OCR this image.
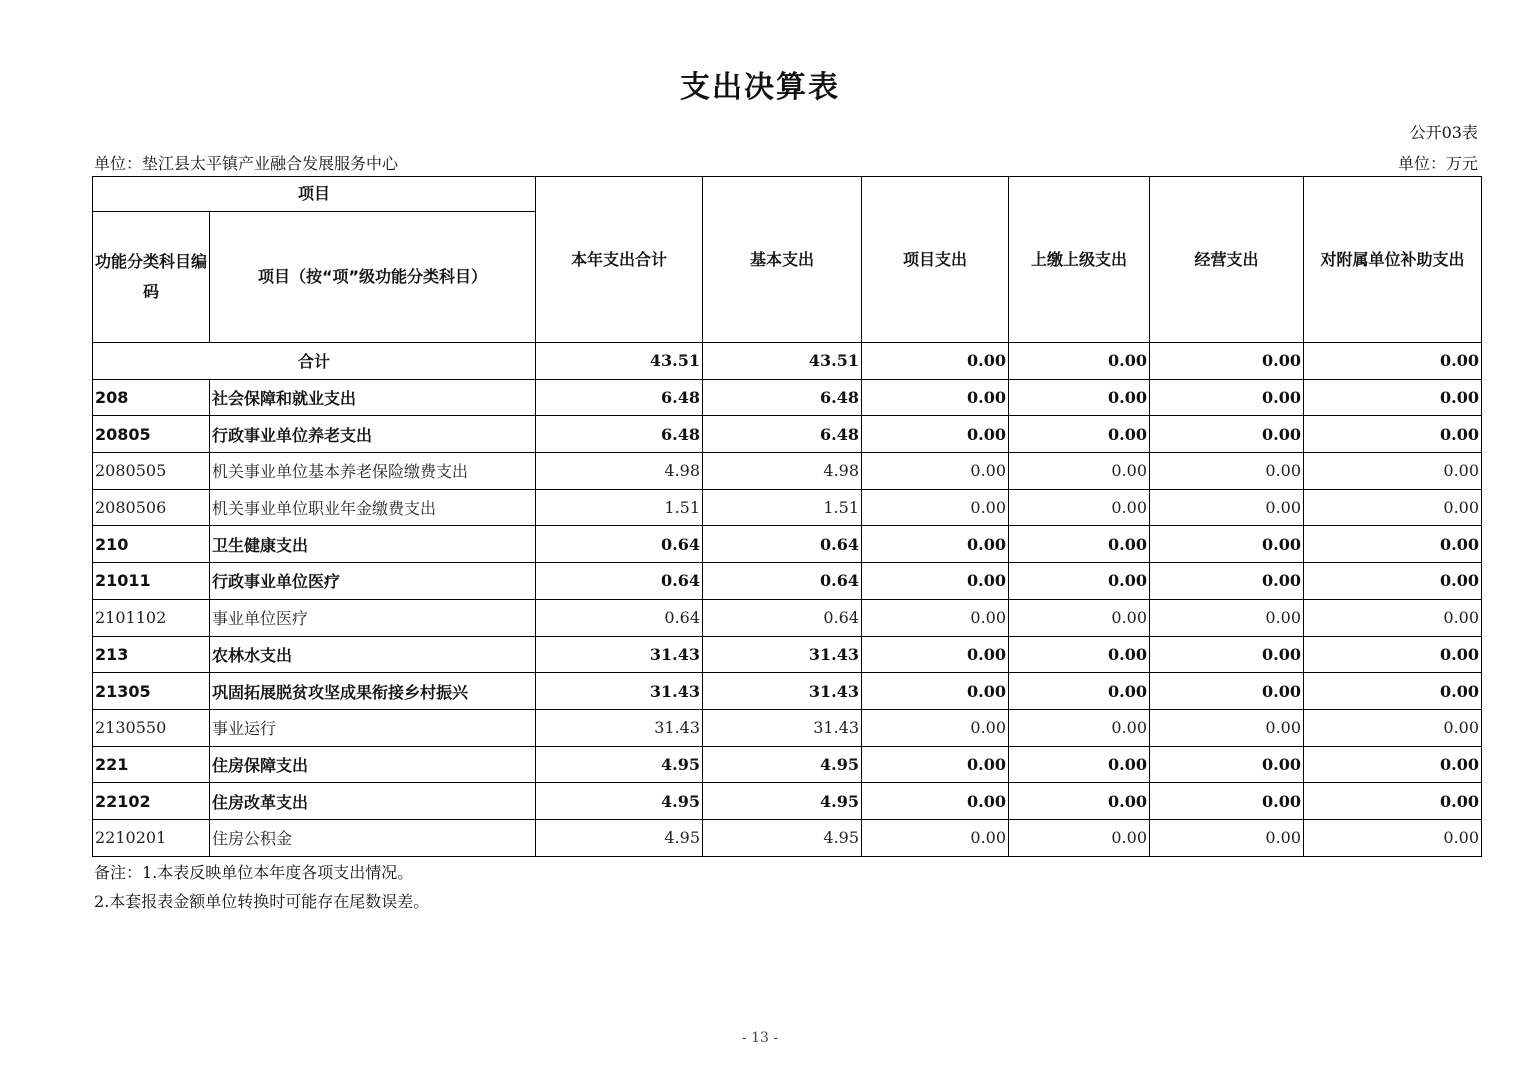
支出决算表
公开03表
单位：垫江县太平镇产业融合发展服务中心	单位：万元
项目		本年支出合计	基本支出	项目支出	上缴上级支出	经营支出	对附属单位补助支出
功能分类科目编码	项目（按“项”级功能分类科目）						
合计		43.51	43.51	0.00	0.00	0.00	0.00
208	社会保障和就业支出	6.48	6.48	0.00	0.00	0.00	0.00
20805	行政事业单位养老支出	6.48	6.48	0.00	0.00	0.00	0.00
2080505	机关事业单位基本养老保险缴费支出	4.98	4.98	0.00	0.00	0.00	0.00
2080506	机关事业单位职业年金缴费支出	1.51	1.51	0.00	0.00	0.00	0.00
210	卫生健康支出	0.64	0.64	0.00	0.00	0.00	0.00
21011	行政事业单位医疗	0.64	0.64	0.00	0.00	0.00	0.00
2101102	事业单位医疗	0.64	0.64	0.00	0.00	0.00	0.00
213	农林水支出	31.43	31.43	0.00	0.00	0.00	0.00
21305	巩固拓展脱贫攻坚成果衔接乡村振兴	31.43	31.43	0.00	0.00	0.00	0.00
2130550	事业运行	31.43	31.43	0.00	0.00	0.00	0.00
221	住房保障支出	4.95	4.95	0.00	0.00	0.00	0.00
22102	住房改革支出	4.95	4.95	0.00	0.00	0.00	0.00
2210201	住房公积金	4.95	4.95	0.00	0.00	0.00	0.00
备注：1.本表反映单位本年度各项支出情况。
2.本套报表金额单位转换时可能存在尾数误差。
- 13 -
